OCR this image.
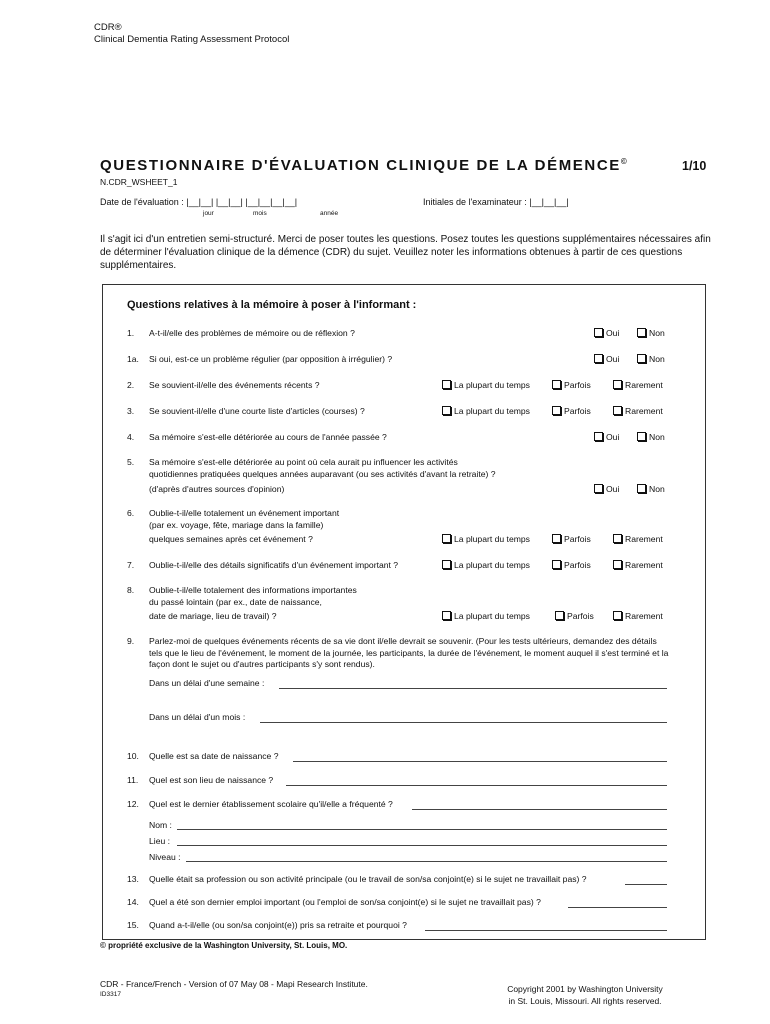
CDR®
Clinical Dementia Rating Assessment Protocol
QUESTIONNAIRE D'ÉVALUATION CLINIQUE DE LA DÉMENCE©	1/10
N.CDR_WSHEET_1
Date de l'évaluation : |__|__| |__|__| |__|__|__|__|
jour	mois	année
Initiales de l'examinateur : |__|__|__|
Il s'agit ici d'un entretien semi-structuré. Merci de poser toutes les questions. Posez toutes les questions supplémentaires nécessaires afin de déterminer l'évaluation clinique de la démence (CDR) du sujet. Veuillez noter les informations obtenues à partir de ces questions supplémentaires.
Questions relatives à la mémoire à poser à l'informant :
1.	A-t-il/elle des problèmes de mémoire ou de réflexion ?	Oui	Non
1a.	Si oui, est-ce un problème régulier (par opposition à irrégulier) ?	Oui	Non
2.	Se souvient-il/elle des événements récents ?	La plupart du temps	Parfois	Rarement
3.	Se souvient-il/elle d'une courte liste d'articles (courses) ?	La plupart du temps	Parfois	Rarement
4.	Sa mémoire s'est-elle détériorée au cours de l'année passée ?	Oui	Non
5.	Sa mémoire s'est-elle détériorée au point où cela aurait pu influencer les activités
quotidiennes pratiquées quelques années auparavant (ou ses activités d'avant la retraite) ?
(d'après d'autres sources d'opinion)	Oui	Non
6.	Oublie-t-il/elle totalement un événement important
(par ex. voyage, fête, mariage dans la famille)
quelques semaines après cet événement ?	La plupart du temps	Parfois	Rarement
7.	Oublie-t-il/elle des détails significatifs d'un événement important ?	La plupart du temps	Parfois	Rarement
8.	Oublie-t-il/elle totalement des informations importantes
du passé lointain (par ex., date de naissance,
date de mariage, lieu de travail) ?	La plupart du temps	Parfois	Rarement
9.	Parlez-moi de quelques événements récents de sa vie dont il/elle devrait se souvenir. (Pour les tests ultérieurs, demandez des détails
tels que le lieu de l'événement, le moment de la journée, les participants, la durée de l'événement, le moment auquel il s'est terminé et la
façon dont le sujet ou d'autres participants s'y sont rendus).
Dans un délai d'une semaine :
Dans un délai d'un mois :
10.	Quelle est sa date de naissance ?
11.	Quel est son lieu de naissance ?
12.	Quel est le dernier établissement scolaire qu'il/elle a fréquenté ?
Nom :
Lieu :
Niveau :
13.	Quelle était sa profession ou son activité principale (ou le travail de son/sa conjoint(e) si le sujet ne travaillait pas) ?
14.	Quel a été son dernier emploi important (ou l'emploi de son/sa conjoint(e) si le sujet ne travaillait pas) ?
15.	Quand a-t-il/elle (ou son/sa conjoint(e)) pris sa retraite et pourquoi ?
© propriété exclusive de la Washington University, St. Louis, MO.
CDR - France/French - Version of 07 May 08 - Mapi Research Institute.
ID3317
Copyright 2001 by Washington University
in St. Louis, Missouri. All rights reserved.
